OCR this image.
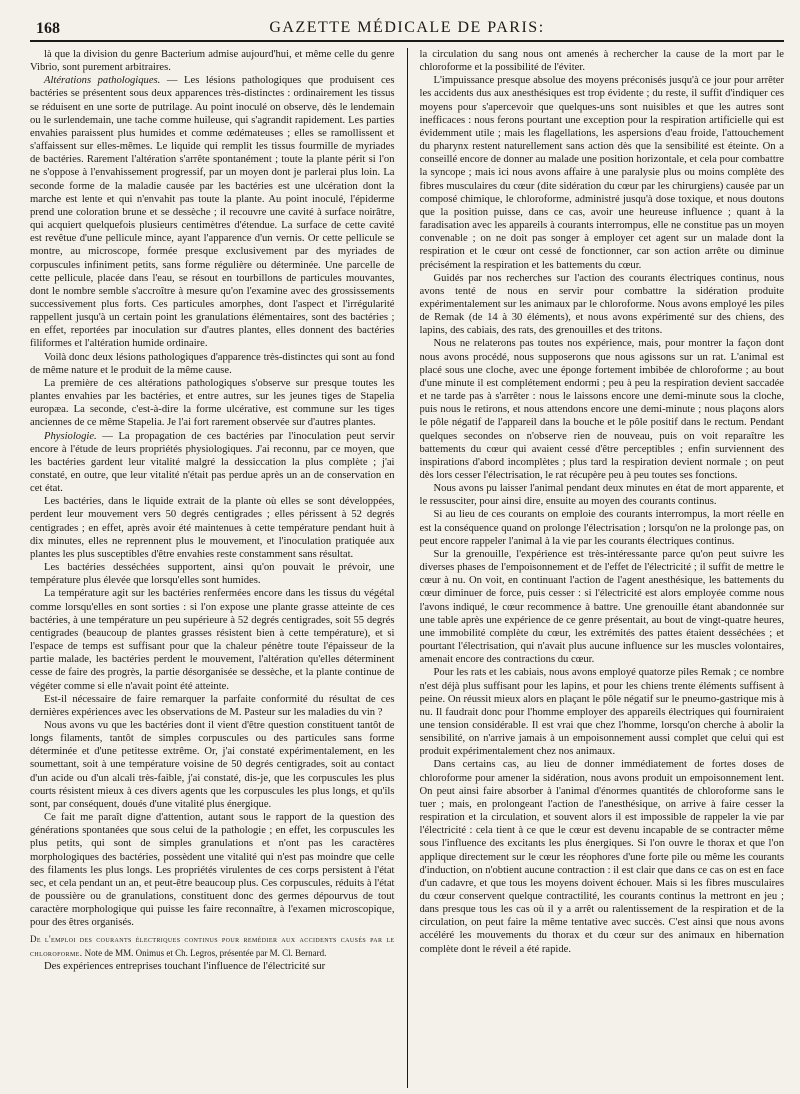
168	GAZETTE MÉDICALE DE PARIS:

là que la division du genre Bacterium admise aujourd'hui, et même celle du genre Vibrio, sont purement arbitraires.

Altérations pathologiques. — Les lésions pathologiques que produisent ces bactéries se présentent sous deux apparences très-distinctes : ordinairement les tissus se réduisent en une sorte de putrilage. Au point inoculé on observe, dès le lendemain ou le surlendemain, une tache comme huileuse, qui s'agrandit rapidement. Les parties envahies paraissent plus humides et comme œdémateuses ; elles se ramollissent et s'affaissent sur elles-mêmes. Le liquide qui remplit les tissus fourmille de myriades de bactéries. Rarement l'altération s'arrête spontanément ; toute la plante périt si l'on ne s'oppose à l'envahissement progressif, par un moyen dont je parlerai plus loin. La seconde forme de la maladie causée par les bactéries est une ulcération dont la marche est lente et qui n'envahit pas toute la plante. Au point inoculé, l'épiderme prend une coloration brune et se dessèche ; il recouvre une cavité à surface noirâtre, qui acquiert quelquefois plusieurs centimètres d'étendue. La surface de cette cavité est revêtue d'une pellicule mince, ayant l'apparence d'un vernis. Or cette pellicule se montre, au microscope, formée presque exclusivement par des myriades de corpuscules infiniment petits, sans forme régulière ou déterminée. Une parcelle de cette pellicule, placée dans l'eau, se résout en tourbillons de particules mouvantes, dont le nombre semble s'accroître à mesure qu'on l'examine avec des grossissements successivement plus forts. Ces particules amorphes, dont l'aspect et l'irrégularité rappellent jusqu'à un certain point les granulations élémentaires, sont des bactéries ; en effet, reportées par inoculation sur d'autres plantes, elles donnent des bactéries filiformes et l'altération humide ordinaire.

Voilà donc deux lésions pathologiques d'apparence très-distinctes qui sont au fond de même nature et le produit de la même cause.

La première de ces altérations pathologiques s'observe sur presque toutes les plantes envahies par les bactéries, et entre autres, sur les jeunes tiges de Stapelia europæa. La seconde, c'est-à-dire la forme ulcérative, est commune sur les tiges anciennes de ce même Stapelia. Je l'ai fort rarement observée sur d'autres plantes.

Physiologie. — La propagation de ces bactéries par l'inoculation peut servir encore à l'étude de leurs propriétés physiologiques. J'ai reconnu, par ce moyen, que les bactéries gardent leur vitalité malgré la dessiccation la plus complète ; j'ai constaté, en outre, que leur vitalité n'était pas perdue après un an de conservation en cet état.

Les bactéries, dans le liquide extrait de la plante où elles se sont développées, perdent leur mouvement vers 50 degrés centigrades ; elles périssent à 52 degrés centigrades ; en effet, après avoir été maintenues à cette température pendant huit à dix minutes, elles ne reprennent plus le mouvement, et l'inoculation pratiquée aux plantes les plus susceptibles d'être envahies reste constamment sans résultat.

Les bactéries desséchées supportent, ainsi qu'on pouvait le prévoir, une température plus élevée que lorsqu'elles sont humides.

La température agit sur les bactéries renfermées encore dans les tissus du végétal comme lorsqu'elles en sont sorties : si l'on expose une plante grasse atteinte de ces bactéries, à une température un peu supérieure à 52 degrés centigrades, soit 55 degrés centigrades (beaucoup de plantes grasses résistent bien à cette température), et si l'espace de temps est suffisant pour que la chaleur pénètre toute l'épaisseur de la partie malade, les bactéries perdent le mouvement, l'altération qu'elles déterminent cesse de faire des progrès, la partie désorganisée se dessèche, et la plante continue de végéter comme si elle n'avait point été atteinte.

Est-il nécessaire de faire remarquer la parfaite conformité du résultat de ces dernières expériences avec les observations de M. Pasteur sur les maladies du vin ?

Nous avons vu que les bactéries dont il vient d'être question constituent tantôt de longs filaments, tantôt de simples corpuscules ou des particules sans forme déterminée et d'une petitesse extrême. Or, j'ai constaté expérimentalement, en les soumettant, soit à une température voisine de 50 degrés centigrades, soit au contact d'un acide ou d'un alcali très-faible, j'ai constaté, dis-je, que les corpuscules les plus courts résistent mieux à ces divers agents que les corpuscules les plus longs, et qu'ils sont, par conséquent, doués d'une vitalité plus énergique.

Ce fait me paraît digne d'attention, autant sous le rapport de la question des générations spontanées que sous celui de la pathologie ; en effet, les corpuscules les plus petits, qui sont de simples granulations et n'ont pas les caractères morphologiques des bactéries, possèdent une vitalité qui n'est pas moindre que celle des filaments les plus longs. Les propriétés virulentes de ces corps persistent à l'état sec, et cela pendant un an, et peut-être beaucoup plus. Ces corpuscules, réduits à l'état de poussière ou de granulations, constituent donc des germes dépourvus de tout caractère morphologique qui puisse les faire reconnaître, à l'examen microscopique, pour des êtres organisés.

De l'emploi des courants électriques continus pour remédier aux accidents causés par le chloroforme. Note de MM. Onimus et Ch. Legros, présentée par M. Cl. Bernard.

Des expériences entreprises touchant l'influence de l'électricité sur

la circulation du sang nous ont amenés à rechercher la cause de la mort par le chloroforme et la possibilité de l'éviter.

L'impuissance presque absolue des moyens préconisés jusqu'à ce jour pour arrêter les accidents dus aux anesthésiques est trop évidente ; du reste, il suffit d'indiquer ces moyens pour s'apercevoir que quelques-uns sont nuisibles et que les autres sont inefficaces : nous ferons pourtant une exception pour la respiration artificielle qui est évidemment utile ; mais les flagellations, les aspersions d'eau froide, l'attouchement du pharynx restent naturellement sans action dès que la sensibilité est éteinte. On a conseillé encore de donner au malade une position horizontale, et cela pour combattre la syncope ; mais ici nous avons affaire à une paralysie plus ou moins complète des fibres musculaires du cœur (dite sidération du cœur par les chirurgiens) causée par un composé chimique, le chloroforme, administré jusqu'à dose toxique, et nous doutons que la position puisse, dans ce cas, avoir une heureuse influence ; quant à la faradisation avec les appareils à courants interrompus, elle ne constitue pas un moyen convenable ; on ne doit pas songer à employer cet agent sur un malade dont la respiration et le cœur ont cessé de fonctionner, car son action arrête ou diminue précisément la respiration et les battements du cœur.

Guidés par nos recherches sur l'action des courants électriques continus, nous avons tenté de nous en servir pour combattre la sidération produite expérimentalement sur les animaux par le chloroforme. Nous avons employé les piles de Remak (de 14 à 30 éléments), et nous avons expérimenté sur des chiens, des lapins, des cabiais, des rats, des grenouilles et des tritons.

Nous ne relaterons pas toutes nos expérience, mais, pour montrer la façon dont nous avons procédé, nous supposerons que nous agissons sur un rat. L'animal est placé sous une cloche, avec une éponge fortement imbibée de chloroforme ; au bout d'une minute il est complétement endormi ; peu à peu la respiration devient saccadée et ne tarde pas à s'arrêter : nous le laissons encore une demi-minute sous la cloche, puis nous le retirons, et nous attendons encore une demi-minute ; nous plaçons alors le pôle négatif de l'appareil dans la bouche et le pôle positif dans le rectum. Pendant quelques secondes on n'observe rien de nouveau, puis on voit reparaître les battements du cœur qui avaient cessé d'être perceptibles ; enfin surviennent des inspirations d'abord incomplètes ; plus tard la respiration devient normale ; on peut dès lors cesser l'électrisation, le rat récupère peu à peu toutes ses fonctions.

Nous avons pu laisser l'animal pendant deux minutes en état de mort apparente, et le ressusciter, pour ainsi dire, ensuite au moyen des courants continus.

Si au lieu de ces courants on emploie des courants interrompus, la mort réelle en est la conséquence quand on prolonge l'électrisation ; lorsqu'on ne la prolonge pas, on peut encore rappeler l'animal à la vie par les courants électriques continus.

Sur la grenouille, l'expérience est très-intéressante parce qu'on peut suivre les diverses phases de l'empoisonnement et de l'effet de l'électricité ; il suffit de mettre le cœur à nu. On voit, en continuant l'action de l'agent anesthésique, les battements du cœur diminuer de force, puis cesser : si l'électricité est alors employée comme nous l'avons indiqué, le cœur recommence à battre. Une grenouille étant abandonnée sur une table après une expérience de ce genre présentait, au bout de vingt-quatre heures, une immobilité complète du cœur, les extrémités des pattes étaient desséchées ; et pourtant l'électrisation, qui n'avait plus aucune influence sur les muscles volontaires, amenait encore des contractions du cœur.

Pour les rats et les cabiais, nous avons employé quatorze piles Remak ; ce nombre n'est déjà plus suffisant pour les lapins, et pour les chiens trente éléments suffisent à peine. On réussit mieux alors en plaçant le pôle négatif sur le pneumo-gastrique mis à nu. Il faudrait donc pour l'homme employer des appareils électriques qui fourniraient une tension considérable. Il est vrai que chez l'homme, lorsqu'on cherche à abolir la sensibilité, on n'arrive jamais à un empoisonnement aussi complet que celui qui est produit expérimentalement chez nos animaux.

Dans certains cas, au lieu de donner immédiatement de fortes doses de chloroforme pour amener la sidération, nous avons produit un empoisonnement lent. On peut ainsi faire absorber à l'animal d'énormes quantités de chloroforme sans le tuer ; mais, en prolongeant l'action de l'anesthésique, on arrive à faire cesser la respiration et la circulation, et souvent alors il est impossible de rappeler la vie par l'électricité : cela tient à ce que le cœur est devenu incapable de se contracter même sous l'influence des excitants les plus énergiques. Si l'on ouvre le thorax et que l'on applique directement sur le cœur les réophores d'une forte pile ou même les courants d'induction, on n'obtient aucune contraction : il est clair que dans ce cas on est en face d'un cadavre, et que tous les moyens doivent échouer. Mais si les fibres musculaires du cœur conservent quelque contractilité, les courants continus la mettront en jeu ; dans presque tous les cas où il y a arrêt ou ralentissement de la respiration et de la circulation, on peut faire la même tentative avec succès. C'est ainsi que nous avons accéléré les mouvements du thorax et du cœur sur des animaux en hibernation complète dont le réveil a été rapide.
